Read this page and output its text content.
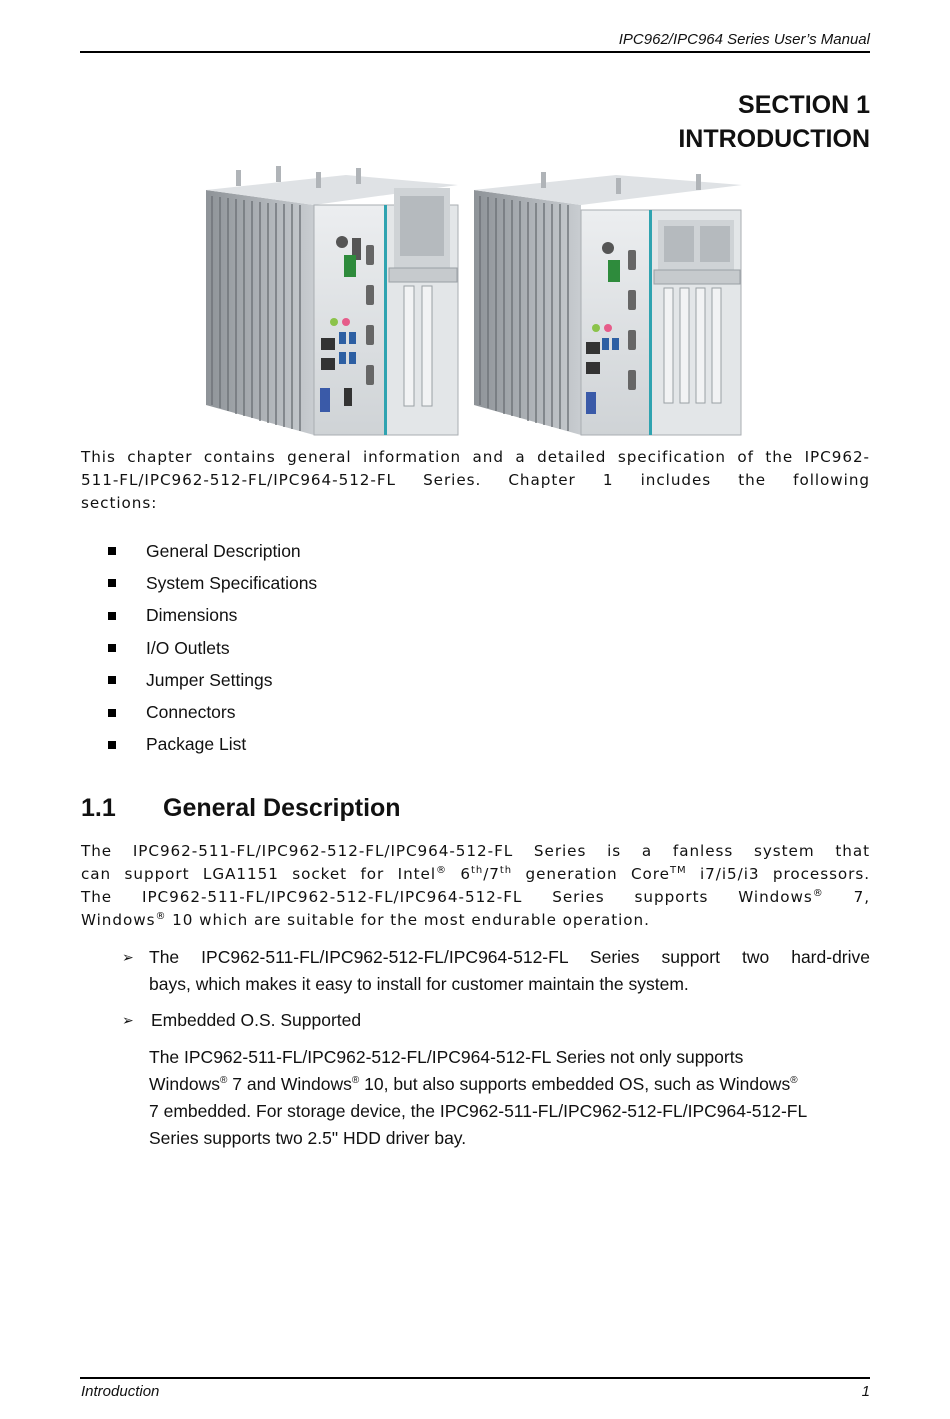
IPC962/IPC964 Series User’s Manual
SECTION 1
INTRODUCTION
This chapter contains general information and a detailed specification of the IPC962-
511-FL/IPC962-512-FL/IPC964-512-FL Series. Chapter 1 includes the following
sections:
General Description
System Specifications
Dimensions
I/O Outlets
Jumper Settings
Connectors
Package List
1.1 General Description
The IPC962-511-FL/IPC962-512-FL/IPC964-512-FL Series is a fanless system that
can support LGA1151 socket for Intel® 6th/7th generation Core™ i7/i5/i3 processors.
The IPC962-511-FL/IPC962-512-FL/IPC964-512-FL Series supports Windows® 7,
Windows® 10 which are suitable for the most endurable operation.
➢ The IPC962-511-FL/IPC962-512-FL/IPC964-512-FL Series support two hard-drive
bays, which makes it easy to install for customer maintain the system.
➢ Embedded O.S. Supported
The IPC962-511-FL/IPC962-512-FL/IPC964-512-FL Series not only supports
Windows® 7 and Windows® 10, but also supports embedded OS, such as Windows®
7 embedded. For storage device, the IPC962-511-FL/IPC962-512-FL/IPC964-512-FL
Series supports two 2.5" HDD driver bay.
Introduction	1
